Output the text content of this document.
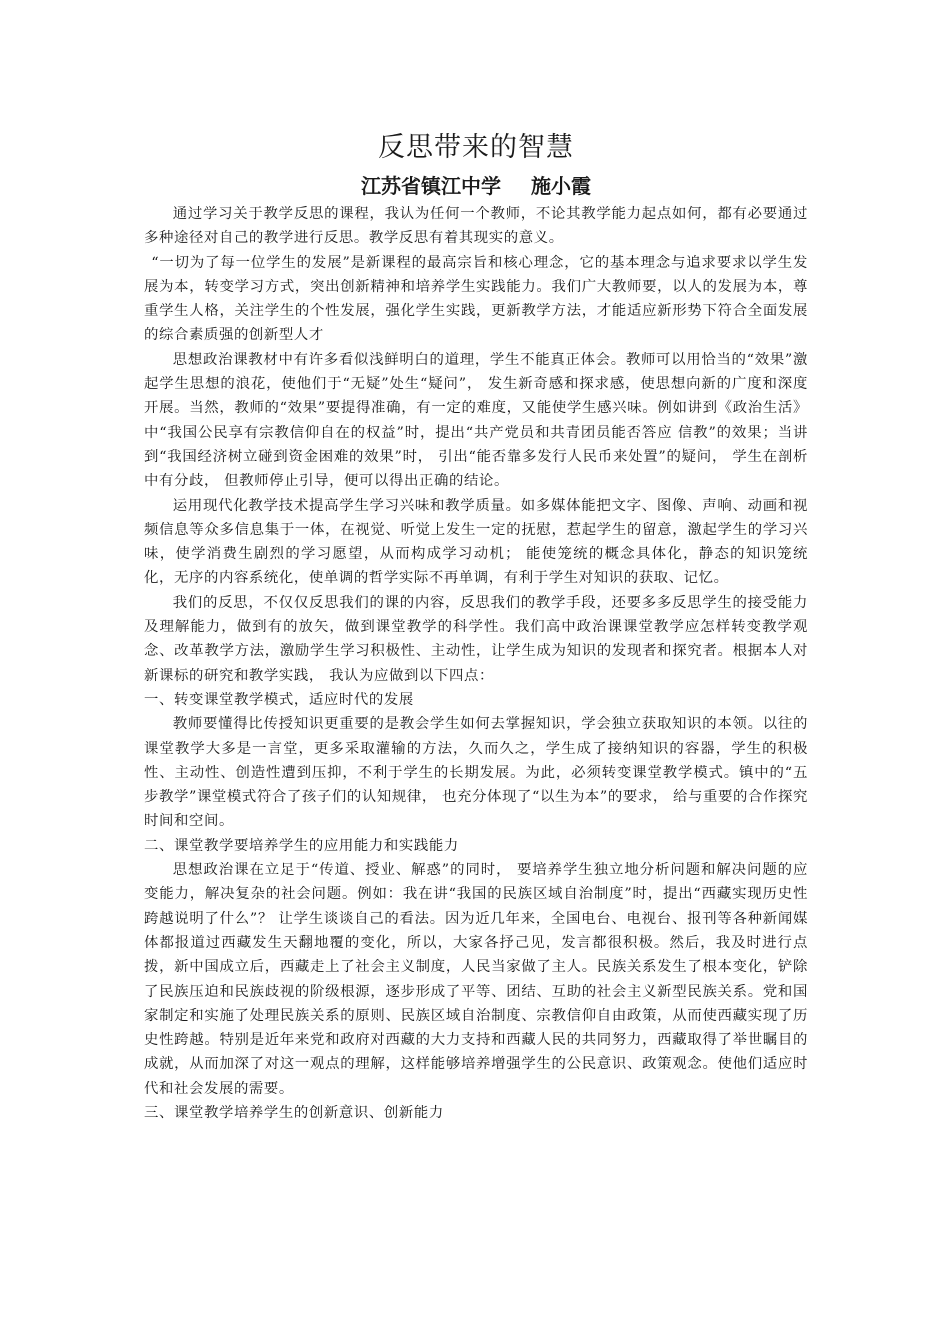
反思带来的智慧
江苏省镇江中学 施小霞

通过学习关于教学反思的课程，我认为任何一个教师，不论其教学能力起点如何，都有必要通过多种途径对自己的教学进行反思。教学反思有着其现实的意义。

“一切为了每一位学生的发展”是新课程的最高宗旨和核心理念，它的基本理念与追求要求以学生发展为本，转变学习方式，突出创新精神和培养学生实践能力。我们广大教师要，以人的发展为本，尊重学生人格，关注学生的个性发展，强化学生实践，更新教学方法，才能适应新形势下符合全面发展的综合素质强的创新型人才

思想政治课教材中有许多看似浅鲜明白的道理，学生不能真正体会。教师可以用恰当的“效果”激起学生思想的浪花，使他们于“无疑”处生“疑问”， 发生新奇感和探求感，使思想向新的广度和深度开展。当然，教师的“效果”要提得准确，有一定的难度，又能使学生感兴味。例如讲到《政治生活》中“我国公民享有宗教信仰自在的权益”时，提出“共产党员和共青团员能否答应 信教”的效果；当讲到“我国经济树立碰到资金困难的效果”时， 引出“能否靠多发行人民币来处置”的疑问， 学生在剖析中有分歧， 但教师停止引导，便可以得出正确的结论。

运用现代化教学技术提高学生学习兴味和教学质量。如多媒体能把文字、图像、声响、动画和视频信息等众多信息集于一体，在视觉、听觉上发生一定的抚慰，惹起学生的留意，激起学生的学习兴味，使学消费生剧烈的学习愿望，从而构成学习动机； 能使笼统的概念具体化，静态的知识笼统化，无序的内容系统化，使单调的哲学实际不再单调，有利于学生对知识的获取、记忆。

我们的反思，不仅仅反思我们的课的内容，反思我们的教学手段，还要多多反思学生的接受能力及理解能力，做到有的放矢，做到课堂教学的科学性。我们高中政治课课堂教学应怎样转变教学观念、改革教学方法，激励学生学习积极性、主动性，让学生成为知识的发现者和探究者。根据本人对新课标的研究和教学实践， 我认为应做到以下四点：

一、转变课堂教学模式，适应时代的发展

教师要懂得比传授知识更重要的是教会学生如何去掌握知识，学会独立获取知识的本领。以往的课堂教学大多是一言堂，更多采取灌输的方法，久而久之，学生成了接纳知识的容器，学生的积极性、主动性、创造性遭到压抑，不利于学生的长期发展。为此，必须转变课堂教学模式。镇中的“五步教学”课堂模式符合了孩子们的认知规律， 也充分体现了“以生为本”的要求， 给与重要的合作探究时间和空间。

二、课堂教学要培养学生的应用能力和实践能力

思想政治课在立足于“传道、授业、解惑”的同时， 要培养学生独立地分析问题和解决问题的应变能力，解决复杂的社会问题。例如：我在讲“我国的民族区域自治制度”时，提出“西藏实现历史性跨越说明了什么”？ 让学生谈谈自己的看法。因为近几年来，全国电台、电视台、报刊等各种新闻媒体都报道过西藏发生天翻地覆的变化，所以，大家各抒己见，发言都很积极。然后，我及时进行点拨，新中国成立后，西藏走上了社会主义制度，人民当家做了主人。民族关系发生了根本变化，铲除了民族压迫和民族歧视的阶级根源，逐步形成了平等、团结、互助的社会主义新型民族关系。党和国家制定和实施了处理民族关系的原则、民族区域自治制度、宗教信仰自由政策，从而使西藏实现了历史性跨越。特别是近年来党和政府对西藏的大力支持和西藏人民的共同努力，西藏取得了举世瞩目的成就，从而加深了对这一观点的理解，这样能够培养增强学生的公民意识、政策观念。使他们适应时代和社会发展的需要。

三、课堂教学培养学生的创新意识、创新能力
